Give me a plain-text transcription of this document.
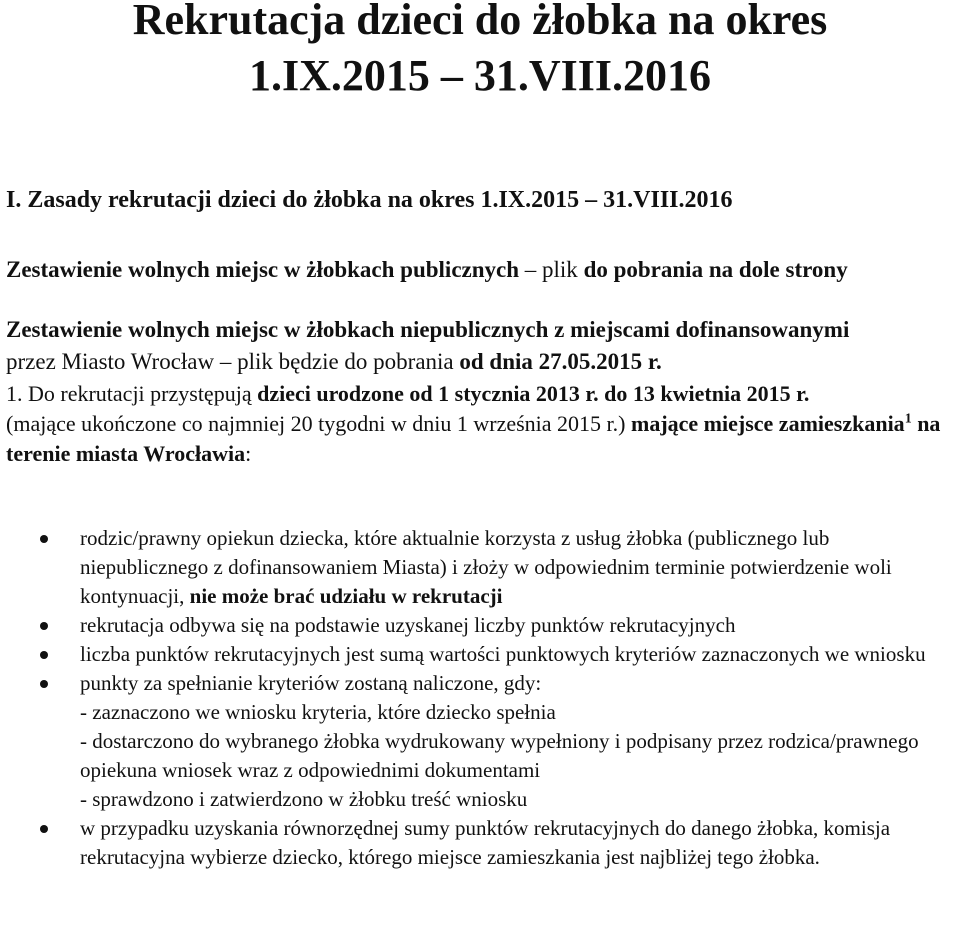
Rekrutacja dzieci do żłobka na okres
1.IX.2015 – 31.VIII.2016
I. Zasady rekrutacji dzieci do żłobka na okres 1.IX.2015 – 31.VIII.2016
Zestawienie wolnych miejsc w żłobkach publicznych – plik do pobrania na dole strony
Zestawienie wolnych miejsc w żłobkach niepublicznych z miejscami dofinansowanymi
przez Miasto Wrocław – plik będzie do pobrania od dnia 27.05.2015 r.
1. Do rekrutacji przystępują dzieci urodzone od 1 stycznia 2013 r. do 13 kwietnia 2015 r.
(mające ukończone co najmniej 20 tygodni w dniu 1 września 2015 r.) mające miejsce zamieszkania$^1$ na terenie miasta Wrocławia:
rodzic/prawny opiekun dziecka, które aktualnie korzysta z usług żłobka (publicznego lub niepublicznego z dofinansowaniem Miasta) i złoży w odpowiednim terminie potwierdzenie woli kontynuacji, nie może brać udziału w rekrutacji
rekrutacja odbywa się na podstawie uzyskanej liczby punktów rekrutacyjnych
liczba punktów rekrutacyjnych jest sumą wartości punktowych kryteriów zaznaczonych we wniosku
punkty za spełnianie kryteriów zostaną naliczone, gdy:
- zaznaczono we wniosku kryteria, które dziecko spełnia
- dostarczono do wybranego żłobka wydrukowany wypełniony i podpisany przez rodzica/prawnego opiekuna wniosek wraz z odpowiednimi dokumentami
- sprawdzono i zatwierdzono w żłobku treść wniosku
w przypadku uzyskania równorzędnej sumy punktów rekrutacyjnych do danego żłobka, komisja rekrutacyjna wybierze dziecko, którego miejsce zamieszkania jest najbliżej tego żłobka.
